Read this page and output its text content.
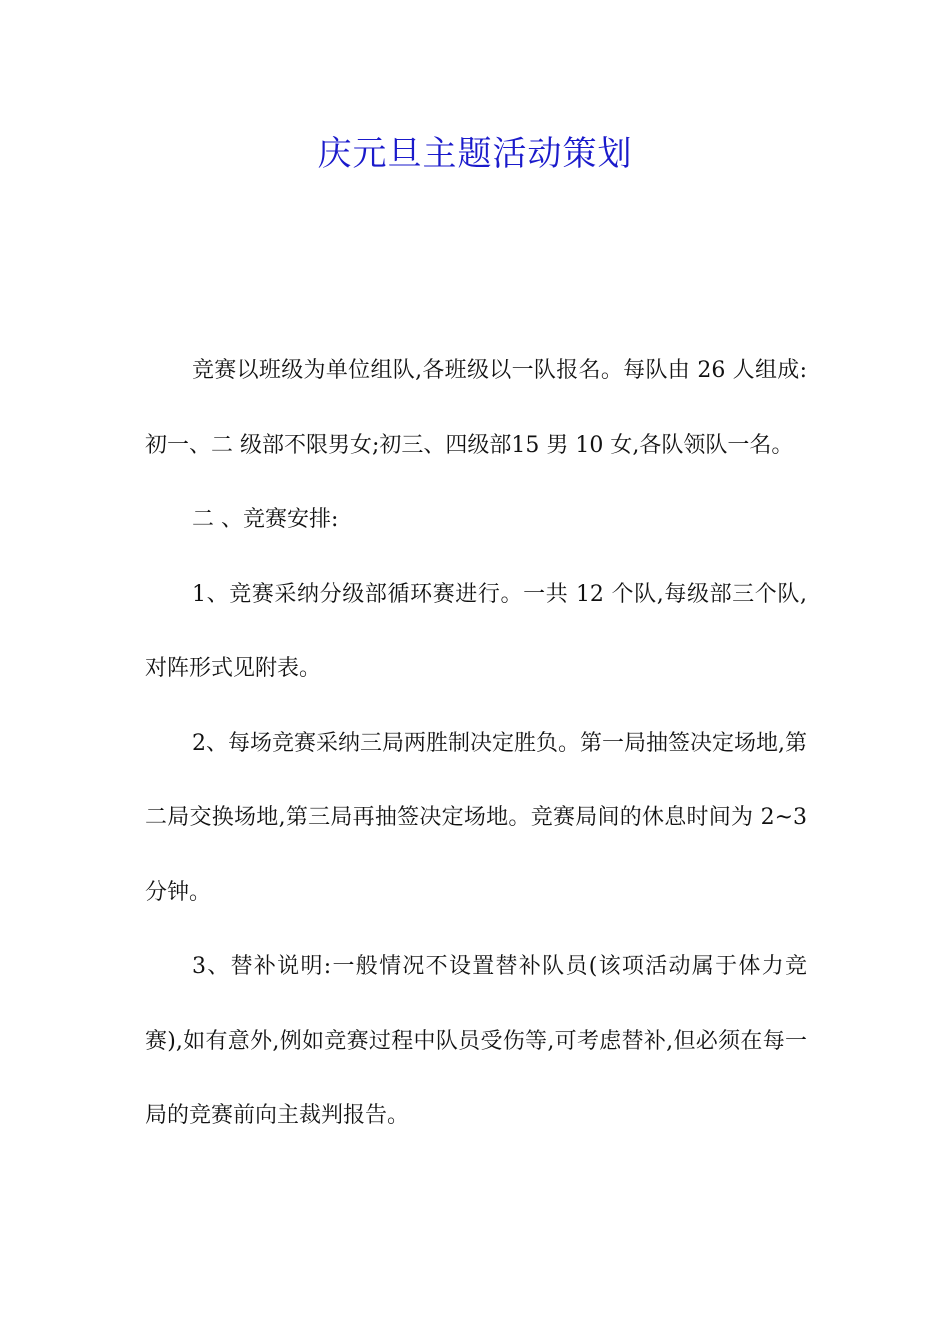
庆元旦主题活动策划

竞赛以班级为单位组队,各班级以一队报名。每队由 26 人组成:初一、二 级部不限男女;初三、四级部15 男 10 女,各队领队一名。

二 、竞赛安排:

1、竞赛采纳分级部循环赛进行。一共 12 个队,每级部三个队,对阵形式见附表。

2、每场竞赛采纳三局两胜制决定胜负。第一局抽签决定场地,第二局交换场地,第三局再抽签决定场地。竞赛局间的休息时间为 2~3 分钟。

3、替补说明:一般情况不设置替补队员(该项活动属于体力竞赛),如有意外,例如竞赛过程中队员受伤等,可考虑替补,但必须在每一局的竞赛前向主裁判报告。
